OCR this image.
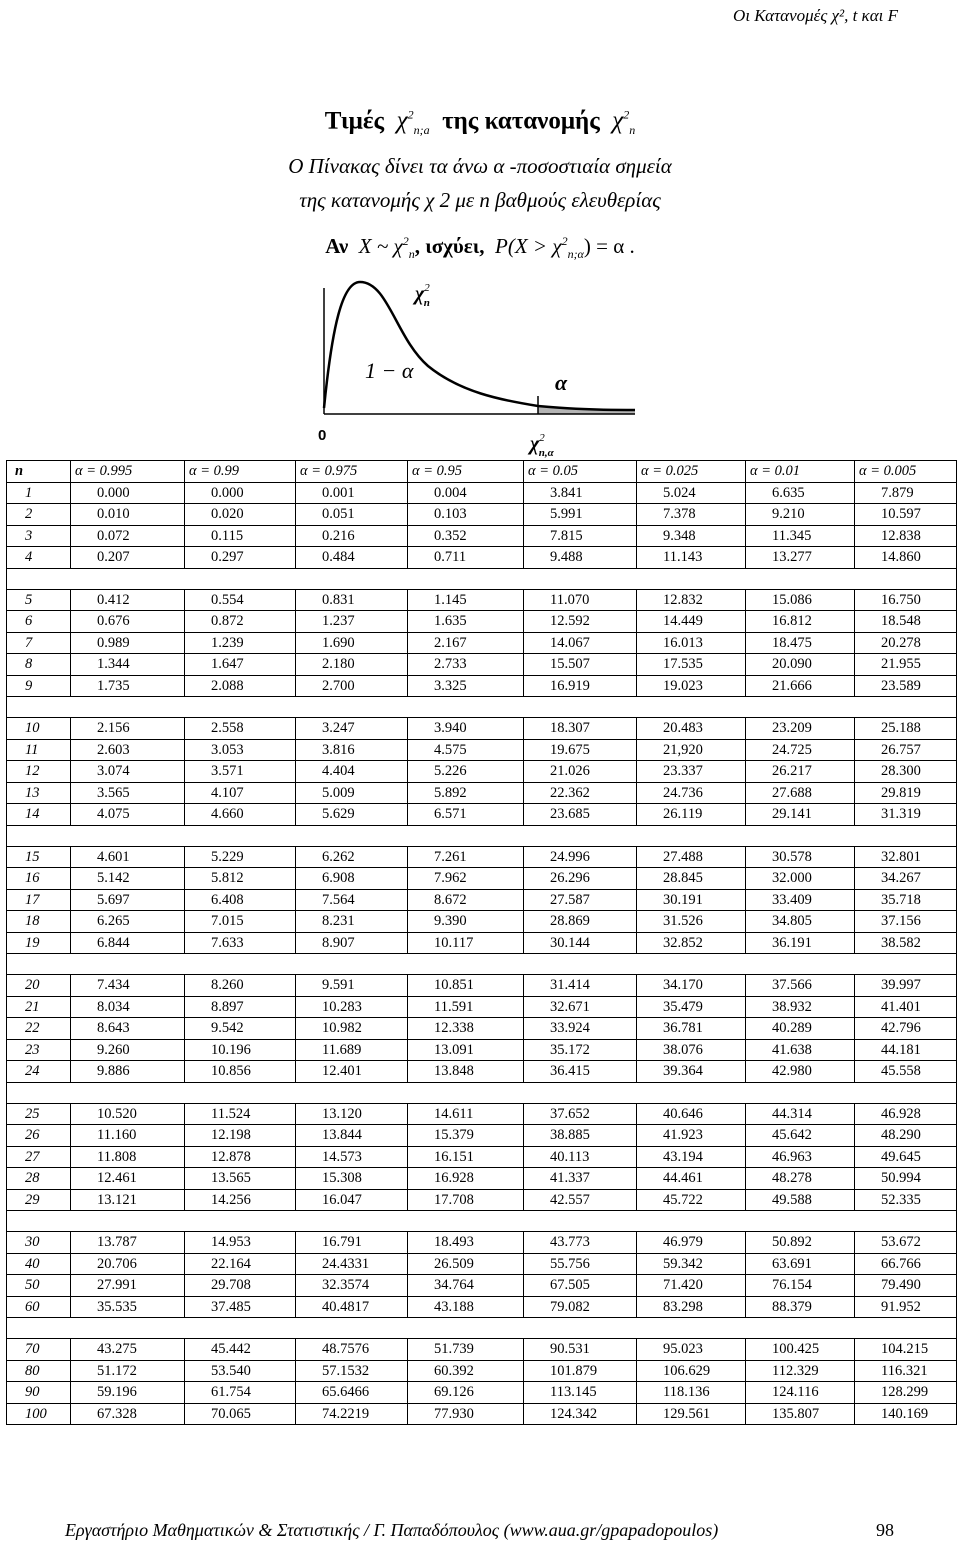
Οι Κατανομές χ², t και F
Τιμές $\chi^2_{n;a}$ της κατανομής $\chi^2_n$
Ο Πίνακας δίνει τα άνω α -ποσοστιαία σημεία
της κατανομής χ 2 με n βαθμούς ελευθερίας
Αν X ~ $\chi^2_n$, ισχύει, $P(X > \chi^2_{n;\alpha}) = \alpha$ .
$\chi^2$ n
1 − α	α
0	$\chi^2$ n,α
n	α = 0.995	α = 0.99	α = 0.975	α = 0.95	α = 0.05	α = 0.025	α = 0.01	α = 0.005
1	0.000	0.000	0.001	0.004	3.841	5.024	6.635	7.879
2	0.010	0.020	0.051	0.103	5.991	7.378	9.210	10.597
3	0.072	0.115	0.216	0.352	7.815	9.348	11.345	12.838
4	0.207	0.297	0.484	0.711	9.488	11.143	13.277	14.860

5	0.412	0.554	0.831	1.145	11.070	12.832	15.086	16.750
6	0.676	0.872	1.237	1.635	12.592	14.449	16.812	18.548
7	0.989	1.239	1.690	2.167	14.067	16.013	18.475	20.278
8	1.344	1.647	2.180	2.733	15.507	17.535	20.090	21.955
9	1.735	2.088	2.700	3.325	16.919	19.023	21.666	23.589

10	2.156	2.558	3.247	3.940	18.307	20.483	23.209	25.188
11	2.603	3.053	3.816	4.575	19.675	21,920	24.725	26.757
12	3.074	3.571	4.404	5.226	21.026	23.337	26.217	28.300
13	3.565	4.107	5.009	5.892	22.362	24.736	27.688	29.819
14	4.075	4.660	5.629	6.571	23.685	26.119	29.141	31.319

15	4.601	5.229	6.262	7.261	24.996	27.488	30.578	32.801
16	5.142	5.812	6.908	7.962	26.296	28.845	32.000	34.267
17	5.697	6.408	7.564	8.672	27.587	30.191	33.409	35.718
18	6.265	7.015	8.231	9.390	28.869	31.526	34.805	37.156
19	6.844	7.633	8.907	10.117	30.144	32.852	36.191	38.582

20	7.434	8.260	9.591	10.851	31.414	34.170	37.566	39.997
21	8.034	8.897	10.283	11.591	32.671	35.479	38.932	41.401
22	8.643	9.542	10.982	12.338	33.924	36.781	40.289	42.796
23	9.260	10.196	11.689	13.091	35.172	38.076	41.638	44.181
24	9.886	10.856	12.401	13.848	36.415	39.364	42.980	45.558

25	10.520	11.524	13.120	14.611	37.652	40.646	44.314	46.928
26	11.160	12.198	13.844	15.379	38.885	41.923	45.642	48.290
27	11.808	12.878	14.573	16.151	40.113	43.194	46.963	49.645
28	12.461	13.565	15.308	16.928	41.337	44.461	48.278	50.994
29	13.121	14.256	16.047	17.708	42.557	45.722	49.588	52.335

30	13.787	14.953	16.791	18.493	43.773	46.979	50.892	53.672
40	20.706	22.164	24.4331	26.509	55.756	59.342	63.691	66.766
50	27.991	29.708	32.3574	34.764	67.505	71.420	76.154	79.490
60	35.535	37.485	40.4817	43.188	79.082	83.298	88.379	91.952

70	43.275	45.442	48.7576	51.739	90.531	95.023	100.425	104.215
80	51.172	53.540	57.1532	60.392	101.879	106.629	112.329	116.321
90	59.196	61.754	65.6466	69.126	113.145	118.136	124.116	128.299
100	67.328	70.065	74.2219	77.930	124.342	129.561	135.807	140.169
Εργαστήριο Μαθηματικών & Στατιστικής / Γ. Παπαδόπουλος (www.aua.gr/gpapadopoulos)	98
